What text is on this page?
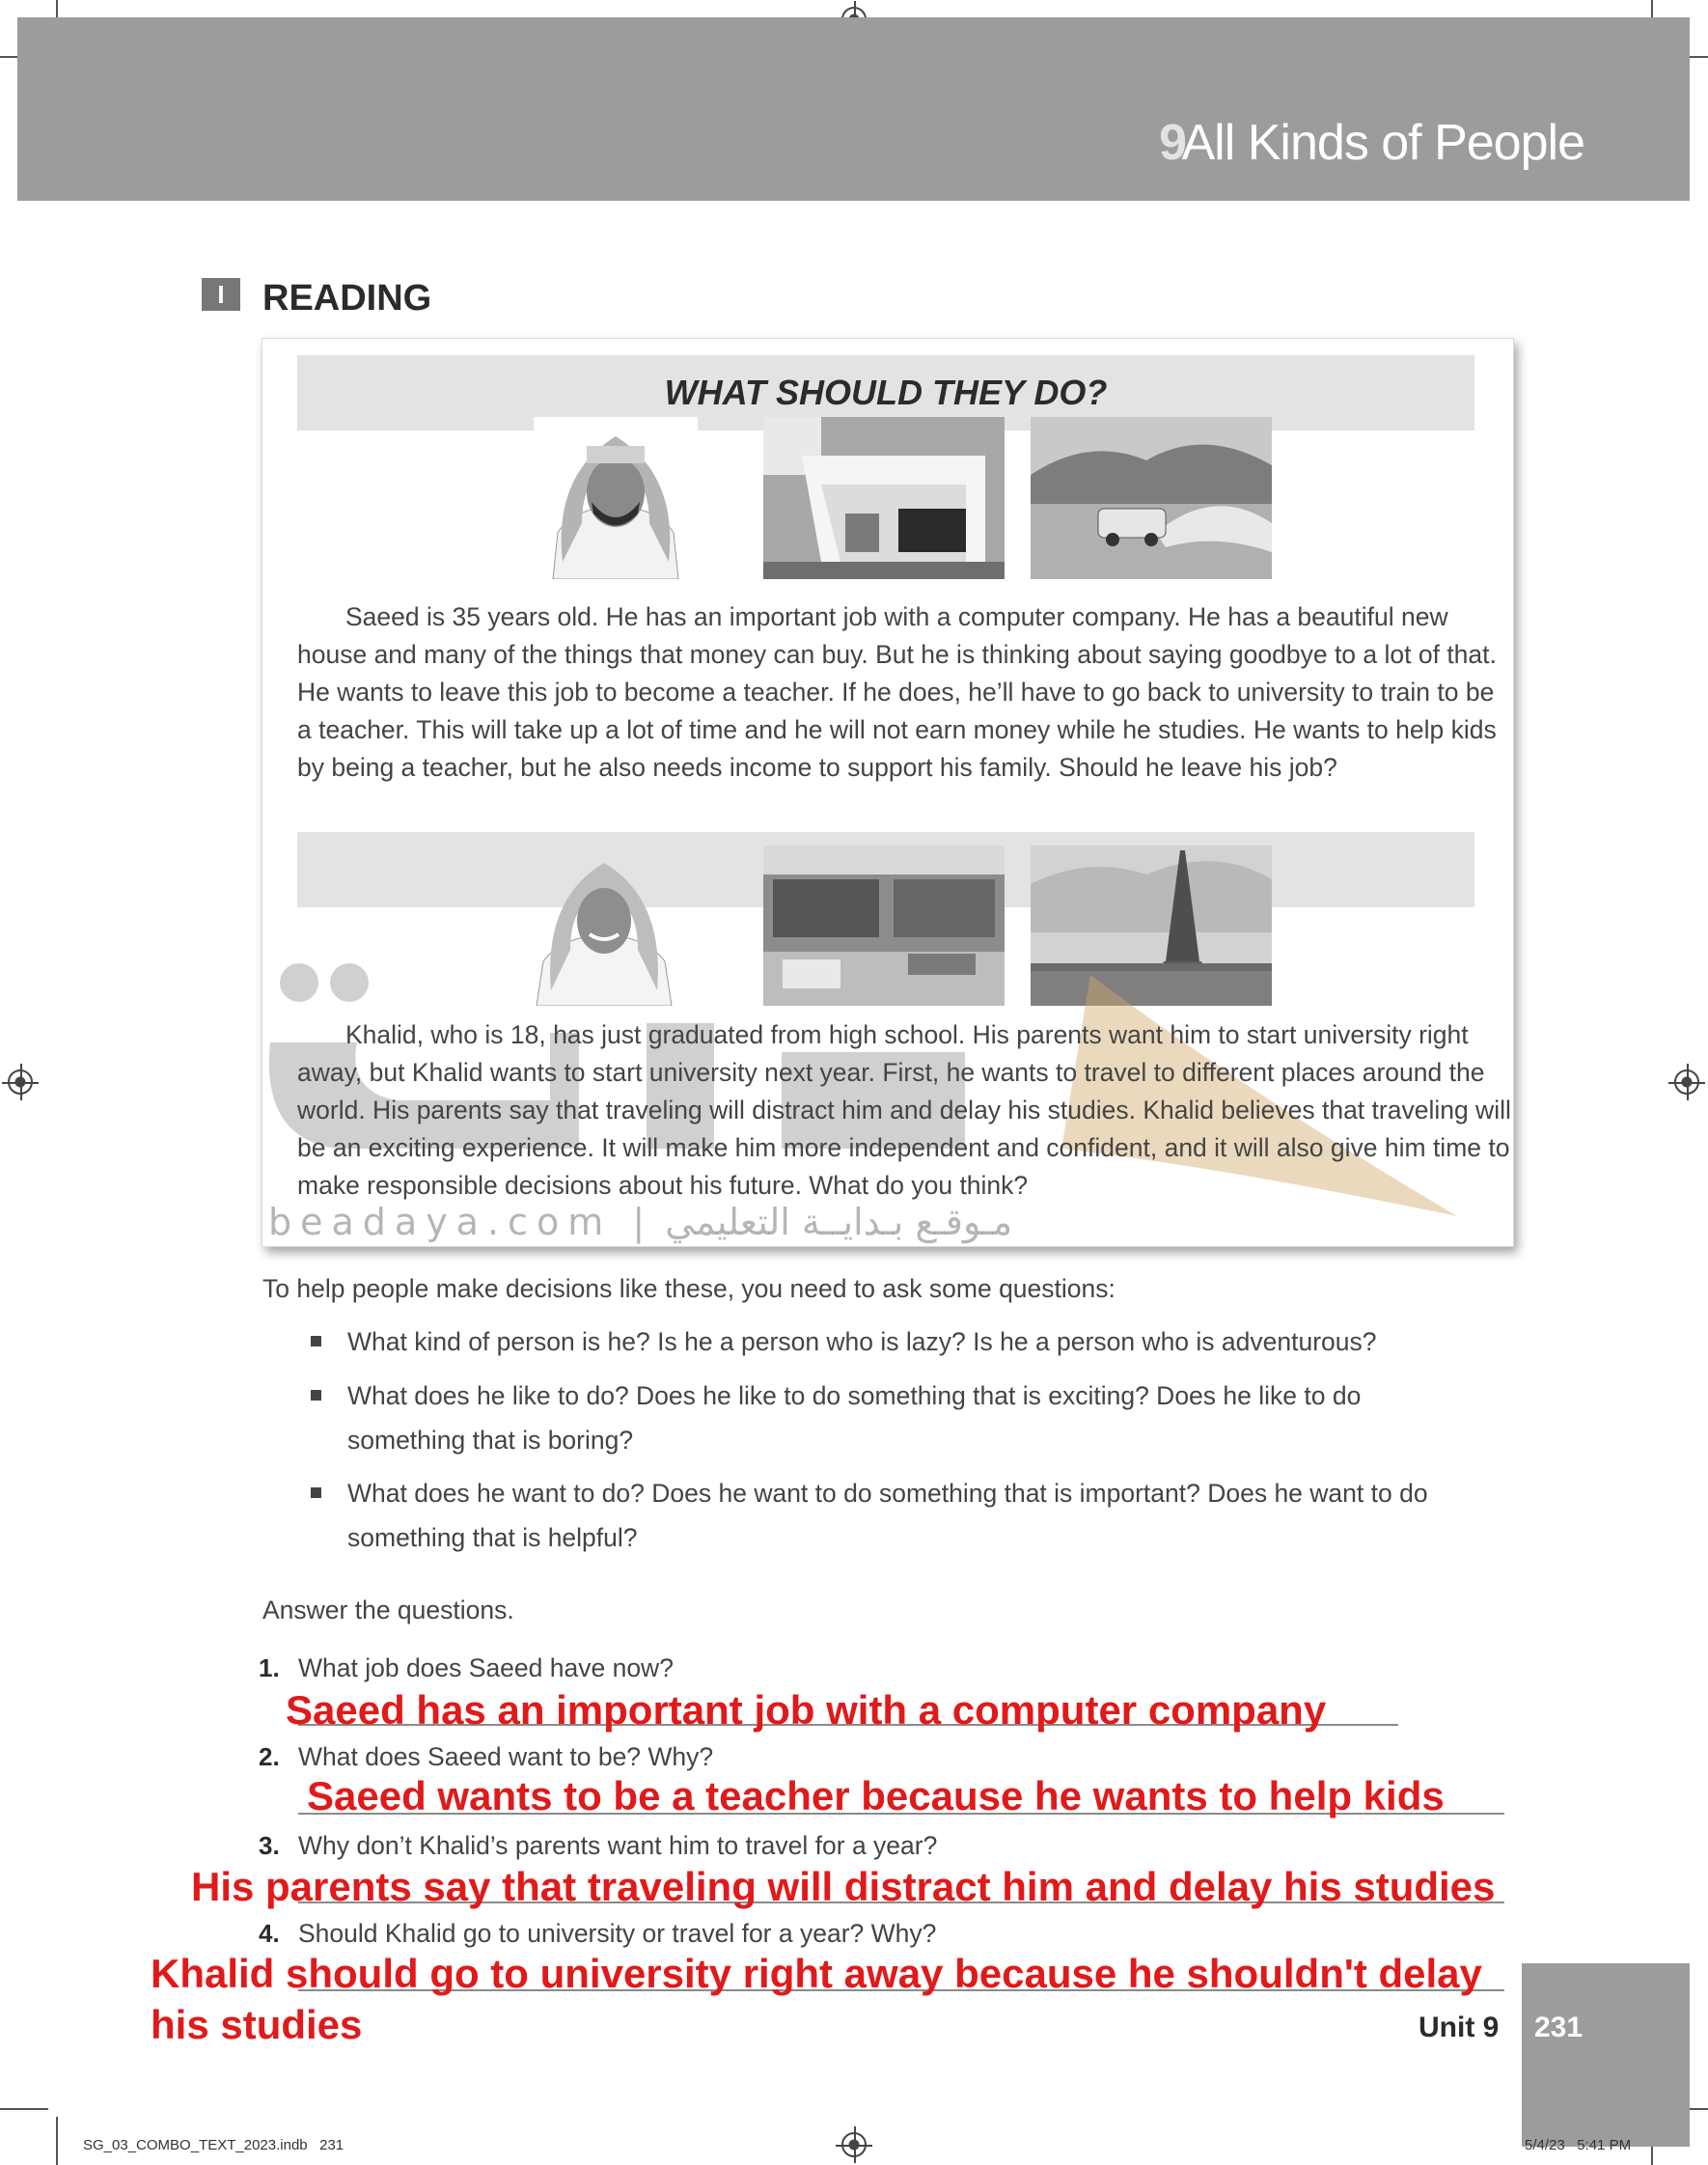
9
All Kinds of People
I	READING
WHAT SHOULD THEY DO?
Saeed is 35 years old. He has an important job with a computer company. He has a beautiful new house and many of the things that money can buy. But he is thinking about saying goodbye to a lot of that. He wants to leave this job to become a teacher. If he does, he’ll have to go back to university to train to be a teacher. This will take up a lot of time and he will not earn money while he studies. He wants to help kids by being a teacher, but he also needs income to support his family. Should he leave his job?
Khalid, who is 18, has just graduated from high school. His parents want him to start university right away, but Khalid wants to start university next year. First, he wants to travel to different places around the world. His parents say that traveling will distract him and delay his studies. Khalid believes that traveling will be an exciting experience. It will make him more independent and confident, and it will also give him time to make responsible decisions about his future. What do you think?
beadaya.com | مـوقـع بـدايــة التعليمي
To help people make decisions like these, you need to ask some questions:
What kind of person is he? Is he a person who is lazy? Is he a person who is adventurous?
What does he like to do? Does he like to do something that is exciting? Does he like to do
something that is boring?
What does he want to do? Does he want to do something that is important? Does he want to do
something that is helpful?
Answer the questions.
1. What job does Saeed have now?
Saeed has an important job with a computer company
2. What does Saeed want to be? Why?
Saeed wants to be a teacher because he wants to help kids
3. Why don’t Khalid’s parents want him to travel for a year?
His parents say that traveling will distract him and delay his studies
4. Should Khalid go to university or travel for a year? Why?
Khalid should go to university right away because he shouldn't delay
his studies	Unit 9 231
SG_03_COMBO_TEXT_2023.indb   231	5/4/23   5:41 PM
